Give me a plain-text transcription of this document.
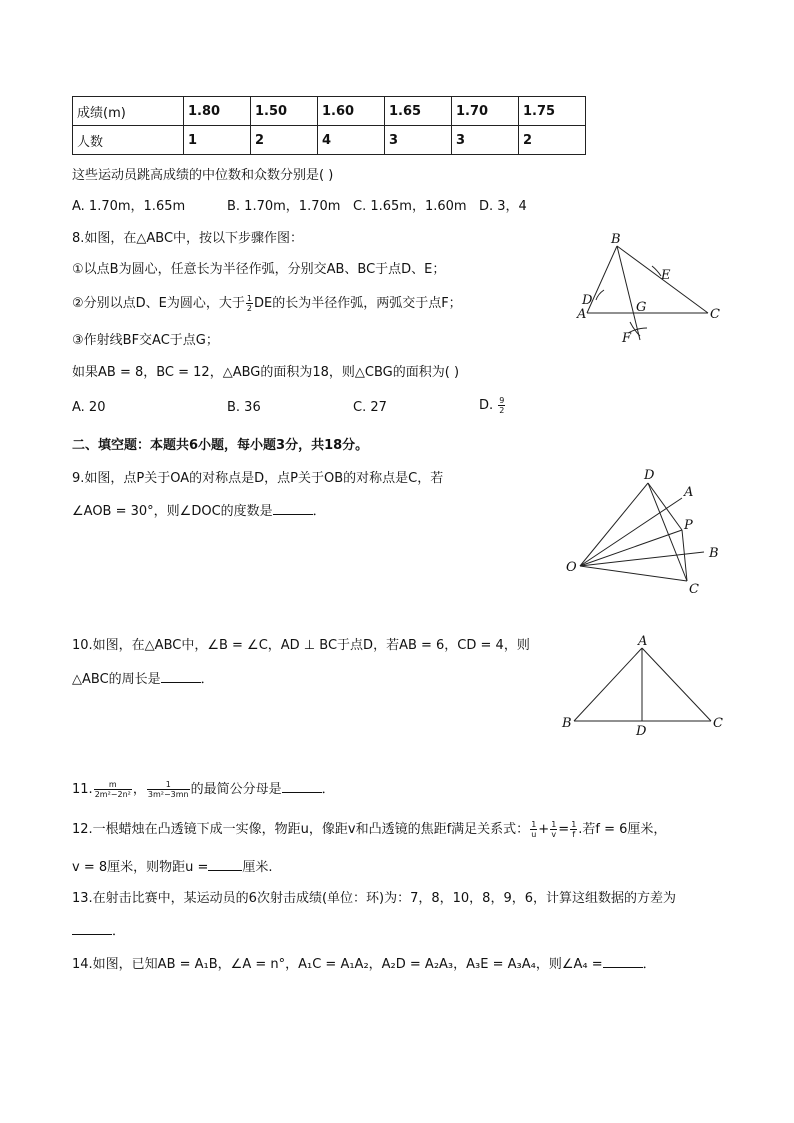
成绩(m)	1.80	1.50	1.60	1.65	1.70	1.75
人数	1	2	4	3	3	2
这些运动员跳高成绩的中位数和众数分别是( )
A. 1.70m，1.65m	B. 1.70m，1.70m C. 1.65m，1.60m D. 3，4
8.如图，在△ABC中，按以下步骤作图：
①以点B为圆心，任意长为半径作弧，分别交AB、BC于点D、E；
②分别以点D、E为圆心，大于 $\frac{1}{2}$ DE的长为半径作弧，两弧交于点F；
③作射线BF交AC于点G；
如果AB = 8，BC = 12，△ABG的面积为18，则△CBG的面积为( )
A. 20	B. 36	C. 27	D. $\frac{9}{2}$
B
E
D	G
A	C
F
二、填空题：本题共6小题，每小题3分，共18分。
9.如图，点P关于OA的对称点是D，点P关于OB的对称点是C，若
∠AOB = 30°，则∠DOC的度数是	．
D
A
P
B
O
C
10.如图，在△ABC中，∠B = ∠C，AD ⊥ BC于点D，若AB = 6，CD = 4，则
△ABC的周长是	．
A
B
D
C
11. $\frac{m}{\text{2m²−2n²}}$ ， $\frac{1}{\text{3m²−3mn}}$ 的最简公分母是	．
12.一根蜡烛在凸透镜下成一实像，物距u，像距v和凸透镜的焦距f满足关系式： $\frac{1}{u} + \frac{1}{v} = \frac{1}{f}$ .若f = 6厘米，
v = 8厘米，则物距u =	厘米.
13.在射击比赛中，某运动员的6次射击成绩(单位：环)为：7，8，10，8，9，6，计算这组数据的方差为
．
14.如图，已知AB = A₁B，∠A = n°，A₁C = A₁A₂，A₂D = A₂A₃，A₃E = A₃A₄，则∠A₄ =	．
